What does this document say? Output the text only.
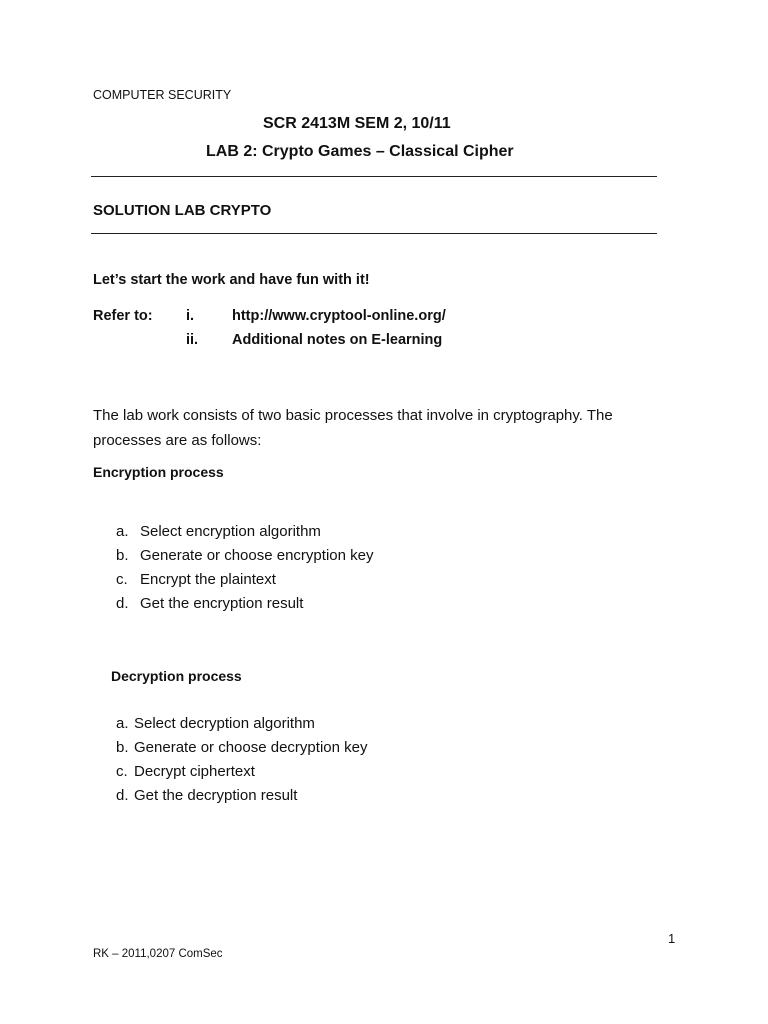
COMPUTER SECURITY
SCR 2413M SEM 2, 10/11
LAB 2: Crypto Games – Classical Cipher
SOLUTION LAB CRYPTO
Let’s start the work and have fun with it!
Refer to: i.	http://www.cryptool-online.org/
ii. Additional notes on E-learning
The lab work consists of two basic processes that involve in cryptography. The processes are as follows:
Encryption process
a. Select encryption algorithm
b. Generate or choose encryption key
c. Encrypt the plaintext
d. Get the encryption result
Decryption process
a. Select decryption algorithm
b. Generate or choose decryption key
c. Decrypt ciphertext
d. Get the decryption result
1
RK – 2011,0207 ComSec
